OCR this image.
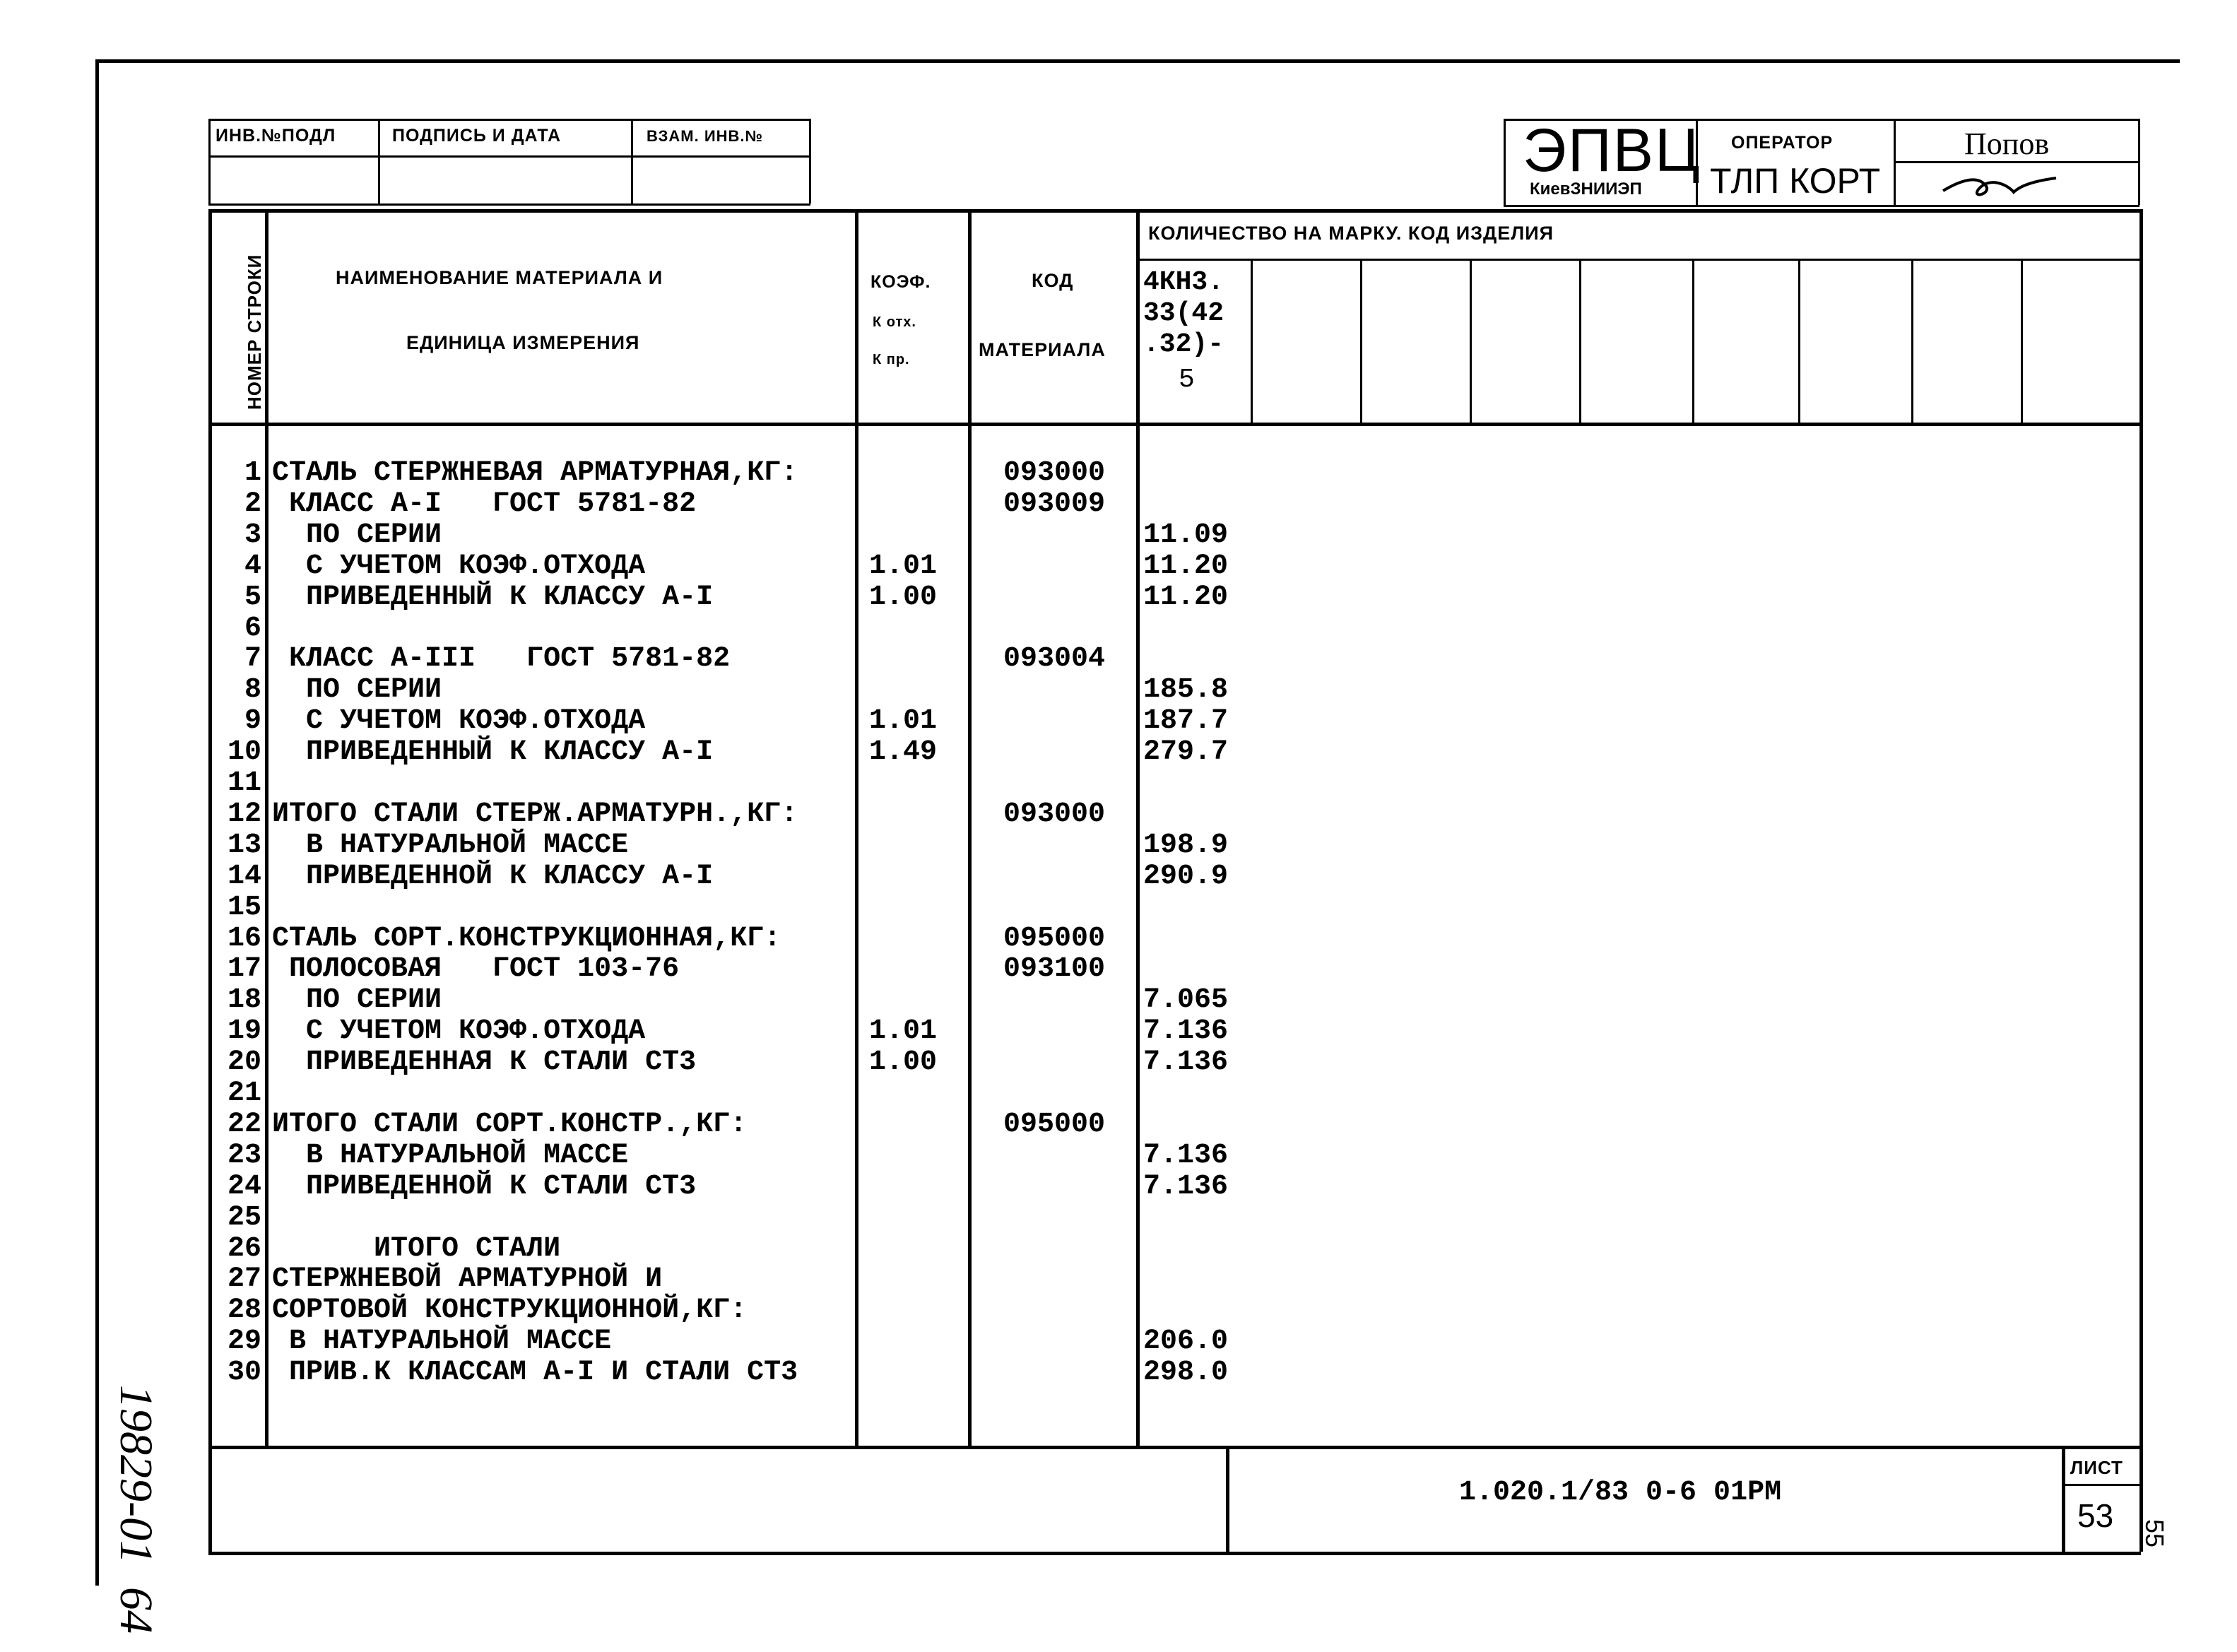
ИНВ.№ПОДЛ	ПОДПИСЬ И ДАТА	ВЗАМ. ИНВ.№	ЭПВЦ
КиевЗНИИЭП
ОПЕРАТОР
ТЛП КОРТ
Попов
НОМЕР СТРОКИ	НАИМЕНОВАНИЕ МАТЕРИАЛА И
ЕДИНИЦА ИЗМЕРЕНИЯ
КОЭФ.
К отх.
К пр.
КОД
МАТЕРИАЛА
КОЛИЧЕСТВО НА МАРКУ. КОД ИЗДЕЛИЯ
4КН3.
33(42
.32)-
5
1 СТАЛЬ СТЕРЖНЕВАЯ АРМАТУРНАЯ,КГ:	093000
2 КЛАСС А-I   ГОСТ 5781-82	093009
3 ПО СЕРИИ	11.09
4 С УЧЕТОМ КОЭФ.ОТХОДА	1.01	11.20
5 ПРИВЕДЕННЫЙ К КЛАССУ А-I	1.00	11.20
6
7 КЛАСС А-III   ГОСТ 5781-82	093004
8 ПО СЕРИИ	185.8
9 С УЧЕТОМ КОЭФ.ОТХОДА	1.01	187.7
10 ПРИВЕДЕННЫЙ К КЛАССУ А-I	1.49	279.7
11
12 ИТОГО СТАЛИ СТЕРЖ.АРМАТУРН.,КГ:	093000
13 В НАТУРАЛЬНОЙ МАССЕ	198.9
14 ПРИВЕДЕННОЙ К КЛАССУ А-I	290.9
15
16 СТАЛЬ СОРТ.КОНСТРУКЦИОННАЯ,КГ:	095000
17 ПОЛОСОВАЯ   ГОСТ 103-76	093100
18 ПО СЕРИИ	7.065
19 С УЧЕТОМ КОЭФ.ОТХОДА	1.01	7.136
20 ПРИВЕДЕННАЯ К СТАЛИ СТ3	1.00	7.136
21
22 ИТОГО СТАЛИ СОРТ.КОНСТР.,КГ:	095000
23 В НАТУРАЛЬНОЙ МАССЕ	7.136
24 ПРИВЕДЕННОЙ К СТАЛИ СТ3	7.136
25
26 ИТОГО СТАЛИ
27 СТЕРЖНЕВОЙ АРМАТУРНОЙ И
28 СОРТОВОЙ КОНСТРУКЦИОННОЙ,КГ:
29 В НАТУРАЛЬНОЙ МАССЕ	206.0
30 ПРИВ.К КЛАССАМ А-I И СТАЛИ СТ3	298.0
1.020.1/83 0-6 01РМ
ЛИСТ
53
19829-01  64	55
